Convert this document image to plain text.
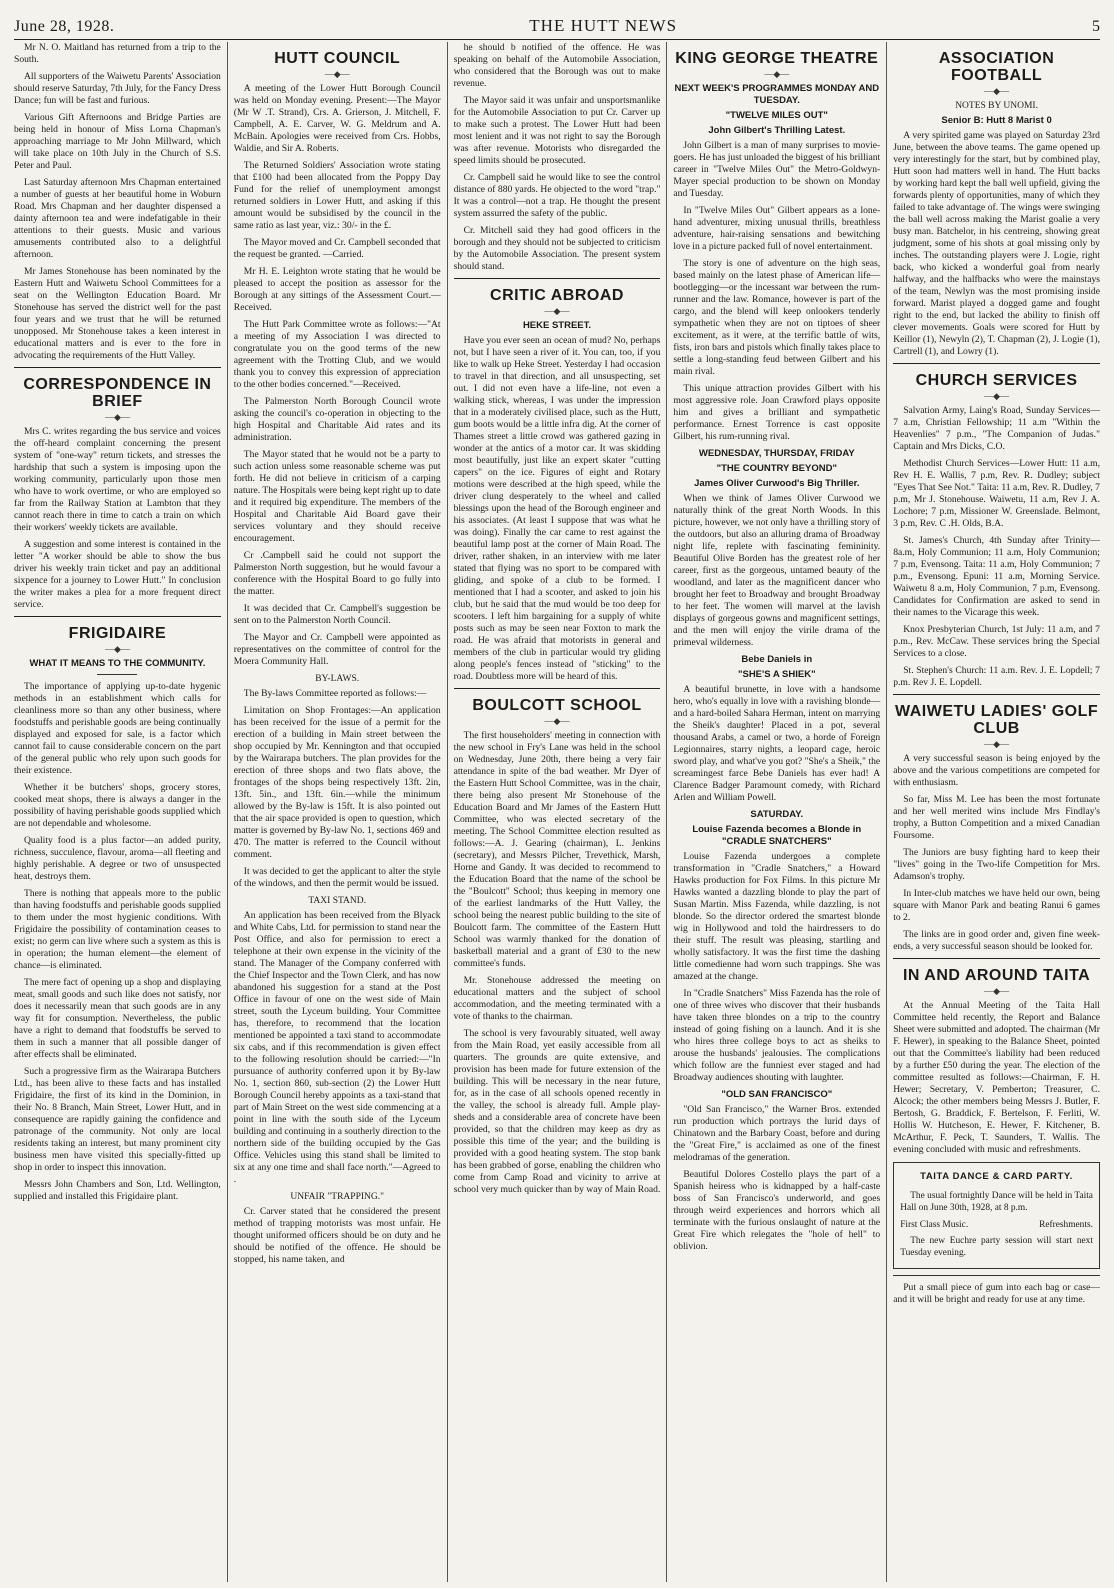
June 28, 1928.	THE HUTT NEWS	5

Mr N. O. Maitland has returned from a trip to the South.

All supporters of the Waiwetu Parents' Association should reserve Saturday, 7th July, for the Fancy Dress Dance; fun will be fast and furious.

Various Gift Afternoons and Bridge Parties are being held in honour of Miss Lorna Chapman's approaching marriage to Mr John Millward, which will take place on 10th July in the Church of S.S. Peter and Paul.

Last Saturday afternoon Mrs Chapman entertained a number of guests at her beautiful home in Woburn Road. Mrs Chapman and her daughter dispensed a dainty afternoon tea and were indefatigable in their attentions to their guests. Music and various amusements contributed also to a delightful afternoon.

Mr James Stonehouse has been nominated by the Eastern Hutt and Waiwetu School Committees for a seat on the Wellington Education Board. Mr Stonehouse has served the district well for the past four years and we trust that he will be returned unopposed. Mr Stonehouse takes a keen interest in educational matters and is ever to the fore in advocating the requirements of the Hutt Valley.

CORRESPONDENCE IN BRIEF
—◆—

Mrs C. writes regarding the bus service and voices the off-heard complaint concerning the present system of "one-way" return tickets, and stresses the hardship that such a system is imposing upon the working community, particularly upon those men who have to work overtime, or who are employed so far from the Railway Station at Lambton that they cannot reach there in time to catch a train on which their workers' weekly tickets are available.

A suggestion and some interest is contained in the letter "A worker should be able to show the bus driver his weekly train ticket and pay an additional sixpence for a journey to Lower Hutt." In conclusion the writer makes a plea for a more frequent direct service.

FRIGIDAIRE
—◆—
WHAT IT MEANS TO THE COMMUNITY.

The importance of applying up-to-date hygenic methods in an establishment which calls for cleanliness more so than any other business, where foodstuffs and perishable goods are being continually displayed and exposed for sale, is a factor which cannot fail to cause considerable concern on the part of the general public who rely upon such goods for their existence.

Whether it be butchers' shops, grocery stores, cooked meat shops, there is always a danger in the possibility of having perishable goods supplied which are not dependable and wholesome.

Quality food is a plus factor—an added purity, richness, succulence, flavour, aroma—all fleeting and highly perishable. A degree or two of unsuspected heat, destroys them.

There is nothing that appeals more to the public than having foodstuffs and perishable goods supplied to them under the most hygienic conditions. With Frigidaire the possibility of contamination ceases to exist; no germ can live where such a system as this is in operation; the human element—the element of chance—is eliminated.

The mere fact of opening up a shop and displaying meat, small goods and such like does not satisfy, nor does it necessarily mean that such goods are in any way fit for consumption. Nevertheless, the public have a right to demand that foodstuffs be served to them in such a manner that all possible danger of after effects shall be eliminated.

Such a progressive firm as the Wairarapa Butchers Ltd., has been alive to these facts and has installed Frigidaire, the first of its kind in the Dominion, in their No. 8 Branch, Main Street, Lower Hutt, and in consequence are rapidly gaining the confidence and patronage of the community. Not only are local residents taking an interest, but many prominent city business men have visited this specially-fitted up shop in order to inspect this innovation.

Messrs John Chambers and Son, Ltd. Wellington, supplied and installed this Frigidaire plant.

HUTT COUNCIL
—◆—

A meeting of the Lower Hutt Borough Council was held on Monday evening. Present:—The Mayor (Mr W .T. Strand), Crs. A. Grierson, J. Mitchell, F. Campbell, A. E. Carver, W. G. Meldrum and A. McBain. Apologies were received from Crs. Hobbs, Waldie, and Sir A. Roberts.

The Returned Soldiers' Association wrote stating that £100 had been allocated from the Poppy Day Fund for the relief of unemployment amongst returned soldiers in Lower Hutt, and asking if this amount would be subsidised by the council in the same ratio as last year, viz.: 30/- in the £.

The Mayor moved and Cr. Campbell seconded that the request be granted. —Carried.

Mr H. E. Leighton wrote stating that he would be pleased to accept the position as assessor for the Borough at any sittings of the Assessment Court.—Received.

The Hutt Park Committee wrote as follows:—"At a meeting of my Association I was directed to congratulate you on the good terms of the new agreement with the Trotting Club, and we would thank you to convey this expression of appreciation to the other bodies concerned."—Received.

The Palmerston North Borough Council wrote asking the council's co-operation in objecting to the high Hospital and Charitable Aid rates and its administration.

The Mayor stated that he would not be a party to such action unless some reasonable scheme was put forth. He did not believe in criticism of a carping nature. The Hospitals were being kept right up to date and it required big expenditure. The members of the Hospital and Charitable Aid Board gave their services voluntary and they should receive encouragement.

Cr .Campbell said he could not support the Palmerston North suggestion, but he would favour a conference with the Hospital Board to go fully into the matter.

It was decided that Cr. Campbell's suggestion be sent on to the Palmerston North Council.

The Mayor and Cr. Campbell were appointed as representatives on the committee of control for the Moera Community Hall.

BY-LAWS.

The By-laws Committee reported as follows:—

Limitation on Shop Frontages:—An application has been received for the issue of a permit for the erection of a building in Main street between the shop occupied by Mr. Kennington and that occupied by the Wairarapa butchers. The plan provides for the erection of three shops and two flats above, the frontages of the shops being respectively 13ft. 2in, 13ft. 5in., and 13ft. 6in.—while the minimum allowed by the By-law is 15ft. It is also pointed out that the air space provided is open to question, which matter is governed by By-law No. 1, sections 469 and 470. The matter is referred to the Council without comment.

It was decided to get the applicant to alter the style of the windows, and then the permit would be issued.

TAXI STAND.

An application has been received from the Blyack and White Cabs, Ltd. for permission to stand near the Post Office, and also for permission to erect a telephone at their own expense in the vicinity of the stand. The Manager of the Company conferred with the Chief Inspector and the Town Clerk, and has now abandoned his suggestion for a stand at the Post Office in favour of one on the west side of Main street, south the Lyceum building. Your Committee has, therefore, to recommend that the location mentioned be appointed a taxi stand to accommodate six cabs, and if this recommendation is given effect to the following resolution should be carried:—"In pursuance of authority conferred upon it by By-law No. 1, section 860, sub-section (2) the Lower Hutt Borough Council hereby appoints as a taxi-stand that part of Main Street on the west side commencing at a point in line with the south side of the Lyceum building and continuing in a southerly direction to the northern side of the building occupied by the Gas Office. Vehicles using this stand shall be limited to six at any one time and shall face north."—Agreed to .

UNFAIR "TRAPPING."

Cr. Carver stated that he considered the present method of trapping motorists was most unfair. He thought uniformed officers should be on duty and he should be notified of the offence. He should be stopped, his name taken, and

he should b notified of the offence. He was speaking on behalf of the Automobile Association, who considered that the Borough was out to make revenue.

The Mayor said it was unfair and unsportsmanlike for the Automobile Association to put Cr. Carver up to make such a protest. The Lower Hutt had been most lenient and it was not right to say the Borough was after revenue. Motorists who disregarded the speed limits should be prosecuted.

Cr. Campbell said he would like to see the control distance of 880 yards. He objected to the word "trap." It was a control—not a trap. He thought the present system assurred the safety of the public.

Cr. Mitchell said they had good officers in the borough and they should not be subjected to criticism by the Automobile Association. The present system should stand.

CRITIC ABROAD
—◆—
HEKE STREET.

Have you ever seen an ocean of mud? No, perhaps not, but I have seen a river of it. You can, too, if you like to walk up Heke Street. Yesterday I had occasion to travel in that direction, and all unsuspecting, set out. I did not even have a life-line, not even a walking stick, whereas, I was under the impression that in a moderately civilised place, such as the Hutt, gum boots would be a little infra dig. At the corner of Thames street a little crowd was gathered gazing in wonder at the antics of a motor car. It was skidding most beautifully, just like an expert skater "cutting capers" on the ice. Figures of eight and Rotary motions were described at the high speed, while the driver clung desperately to the wheel and called blessings upon the head of the Borough engineer and his associates. (At least I suppose that was what he was doing). Finally the car came to rest against the beautiful lamp post at the corner of Main Road. The driver, rather shaken, in an interview with me later stated that flying was no sport to be compared with gliding, and spoke of a club to be formed. I mentioned that I had a scooter, and asked to join his club, but he said that the mud would be too deep for scooters. I left him bargaining for a supply of white posts such as may be seen near Foxton to mark the road. He was afraid that motorists in general and members of the club in particular would try gliding along people's fences instead of "sticking" to the road. Doubtless more will be heard of this.

BOULCOTT SCHOOL
—◆—

The first householders' meeting in connection with the new school in Fry's Lane was held in the school on Wednesday, June 20th, there being a very fair attendance in spite of the bad weather. Mr Dyer of the Eastern Hutt School Committee, was in the chair, there being also present Mr Stonehouse of the Education Board and Mr James of the Eastern Hutt Committee, who was elected secretary of the meeting. The School Committee election resulted as follows:—A. J. Gearing (chairman), L. Jenkins (secretary), and Messrs Pilcher, Trevethick, Marsh, Horne and Gandy. It was decided to recommend to the Education Board that the name of the school be the "Boulcott" School; thus keeping in memory one of the earliest landmarks of the Hutt Valley, the school being the nearest public building to the site of Boulcott farm. The committee of the Eastern Hutt School was warmly thanked for the donation of basketball material and a grant of £30 to the new committee's funds.

Mr. Stonehouse addressed the meeting on educational matters and the subject of school accommodation, and the meeting terminated with a vote of thanks to the chairman.

The school is very favourably situated, well away from the Main Road, yet easily accessible from all quarters. The grounds are quite extensive, and provision has been made for future extension of the building. This will be necessary in the near future, for, as in the case of all schools opened recently in the valley, the school is already full. Ample play-sheds and a considerable area of concrete have been provided, so that the children may keep as dry as possible this time of the year; and the building is provided with a good heating system. The stop bank has been grabbed of gorse, enabling the children who come from Camp Road and vicinity to arrive at school very much quicker than by way of Main Road.

KING GEORGE THEATRE
—◆—
NEXT WEEK'S PROGRAMMES MONDAY AND TUESDAY.
"TWELVE MILES OUT"
John Gilbert's Thrilling Latest.

John Gilbert is a man of many surprises to movie-goers. He has just unloaded the biggest of his brilliant career in "Twelve Miles Out" the Metro-Goldwyn-Mayer special production to be shown on Monday and Tuesday.

In "Twelve Miles Out" Gilbert appears as a lone-hand adventurer, mixing unusual thrills, breathless adventure, hair-raising sensations and bewitching love in a picture packed full of novel entertainment.

The story is one of adventure on the high seas, based mainly on the latest phase of American life—bootlegging—or the incessant war between the rum-runner and the law. Romance, however is part of the cargo, and the blend will keep onlookers tenderly sympathetic when they are not on tiptoes of sheer excitement, as it were, at the terrific battle of wits, fists, iron bars and pistols which finally takes place to settle a long-standing feud between Gilbert and his main rival.

This unique attraction provides Gilbert with his most aggressive role. Joan Crawford plays opposite him and gives a brilliant and sympathetic performance. Ernest Torrence is cast opposite Gilbert, his rum-running rival.

WEDNESDAY, THURSDAY, FRIDAY
"THE COUNTRY BEYOND"
James Oliver Curwood's Big Thriller.

When we think of James Oliver Curwood we naturally think of the great North Woods. In this picture, however, we not only have a thrilling story of the outdoors, but also an alluring drama of Broadway night life, replete with fascinating femininity. Beautiful Olive Borden has the greatest role of her career, first as the gorgeous, untamed beauty of the woodland, and later as the magnificent dancer who brought her feet to Broadway and brought Broadway to her feet. The women will marvel at the lavish displays of gorgeous gowns and magnificent settings, and the men will enjoy the virile drama of the primeval wilderness.

Bebe Daniels in
"SHE'S A SHIEK"

A beautiful brunette, in love with a handsome hero, who's equally in love with a ravishing blonde—and a hard-boiled Sahara Herman, intent on marrying the Sheik's daughter! Placed in a pot, several thousand Arabs, a camel or two, a horde of Foreign Legionnaires, starry nights, a leopard cage, heroic sword play, and what've you got? "She's a Sheik," the screamingest farce Bebe Daniels has ever had! A Clarence Badger Paramount comedy, with Richard Arlen and William Powell.

SATURDAY.
Louise Fazenda becomes a Blonde in "CRADLE SNATCHERS"

Louise Fazenda undergoes a complete transformation in "Cradle Snatchers," a Howard Hawks production for Fox Films. In this picture Mr Hawks wanted a dazzling blonde to play the part of Susan Martin. Miss Fazenda, while dazzling, is not blonde. So the director ordered the smartest blonde wig in Hollywood and told the hairdressers to do their stuff. The result was pleasing, startling and wholly satisfactory. It was the first time the dashing little comedienne had worn such trappings. She was amazed at the change.

In "Cradle Snatchers" Miss Fazenda has the role of one of three wives who discover that their husbands have taken three blondes on a trip to the country instead of going fishing on a launch. And it is she who hires three college boys to act as sheiks to arouse the husbands' jealousies. The complications which follow are the funniest ever staged and had Broadway audiences shouting with laughter.

"OLD SAN FRANCISCO"

"Old San Francisco," the Warner Bros. extended run production which portrays the lurid days of Chinatown and the Barbary Coast, before and during the "Great Fire," is acclaimed as one of the finest melodramas of the generation.

Beautiful Dolores Costello plays the part of a Spanish heiress who is kidnapped by a half-caste boss of San Francisco's underworld, and goes through weird experiences and horrors which all terminate with the furious onslaught of nature at the Great Fire which relegates the "hole of hell" to oblivion.

ASSOCIATION FOOTBALL
—◆—
NOTES BY UNOMI.
Senior B: Hutt 8 Marist 0

A very spirited game was played on Saturday 23rd June, between the above teams. The game opened up very interestingly for the start, but by combined play, Hutt soon had matters well in hand. The Hutt backs by working hard kept the ball well upfield, giving the forwards plenty of opportunities, many of which they failed to take advantage of. The wings were swinging the ball well across making the Marist goalie a very busy man. Batchelor, in his centreing, showing great judgment, some of his shots at goal missing only by inches. The outstanding players were J. Logie, right back, who kicked a wonderful goal from nearly halfway, and the halfbacks who were the mainstays of the team, Newlyn was the most promising inside forward. Marist played a dogged game and fought right to the end, but lacked the ability to finish off clever movements. Goals were scored for Hutt by Keillor (1), Newyln (2), T. Chapman (2), J. Logie (1), Cartrell (1), and Lowry (1).

CHURCH SERVICES
—◆—

Salvation Army, Laing's Road, Sunday Services—7 a.m, Christian Fellowship; 11 a.m "Within the Heavenlies" 7 p.m., "The Companion of Judas." Captain and Mrs Dicks, C.O.

Methodist Church Services—Lower Hutt: 11 a.m, Rev H. E. Wallis, 7 p.m, Rev. R. Dudley; subject "Eyes That See Not." Taita: 11 a.m, Rev. R. Dudley, 7 p.m, Mr J. Stonehouse. Waiwetu, 11 a.m, Rev J. A. Lochore; 7 p.m, Missioner W. Greenslade. Belmont, 3 p.m, Rev. C .H. Olds, B.A.

St. James's Church, 4th Sunday after Trinity— 8a.m, Holy Communion; 11 a.m, Holy Communion; 7 p.m, Evensong. Taita: 11 a.m, Holy Communion; 7 p.m., Evensong. Epuni: 11 a.m, Morning Service. Waiwetu 8 a.m, Holy Communion, 7 p.m, Evensong. Candidates for Confirmation are asked to send in their names to the Vicarage this week.

Knox Presbyterian Church, 1st July: 11 a.m, and 7 p.m., Rev. McCaw. These services bring the Special Services to a close.

St. Stephen's Church: 11 a.m. Rev. J. E. Lopdell; 7 p.m. Rev J. E. Lopdell.

WAIWETU LADIES' GOLF CLUB
—◆—

A very successful season is being enjoyed by the above and the various competitions are competed for with enthusiasm.

So far, Miss M. Lee has been the most fortunate and her well merited wins include Mrs Findlay's trophy, a Button Competition and a mixed Canadian Foursome.

The Juniors are busy fighting hard to keep their "lives" going in the Two-life Competition for Mrs. Adamson's trophy.

In Inter-club matches we have held our own, being square with Manor Park and beating Ranui 6 games to 2.

The links are in good order and, given fine week-ends, a very successful season should be looked for.

IN AND AROUND TAITA
—◆—

At the Annual Meeting of the Taita Hall Committee held recently, the Report and Balance Sheet were submitted and adopted. The chairman (Mr F. Hewer), in speaking to the Balance Sheet, pointed out that the Committee's liability had been reduced by a further £50 during the year. The election of the committee resulted as follows:—Chairman, F. H. Hewer; Secretary, V. Pemberton; Treasurer, C. Alcock; the other members being Messrs J. Butler, F. Bertosh, G. Braddick, F. Bertelson, F. Ferliti, W. Hollis W. Hutcheson, E. Hewer, F. Kitchener, B. McArthur, F. Peck, T. Saunders, T. Wallis. The evening concluded with music and refreshments.

TAITA DANCE & CARD PARTY.

The usual fortnightly Dance will be held in Taita Hall on June 30th, 1928, at 8 p.m.

First Class Music.	Refreshments.

The new Euchre party session will start next Tuesday evening.

Put a small piece of gum into each bag or case—and it will be bright and ready for use at any time.
